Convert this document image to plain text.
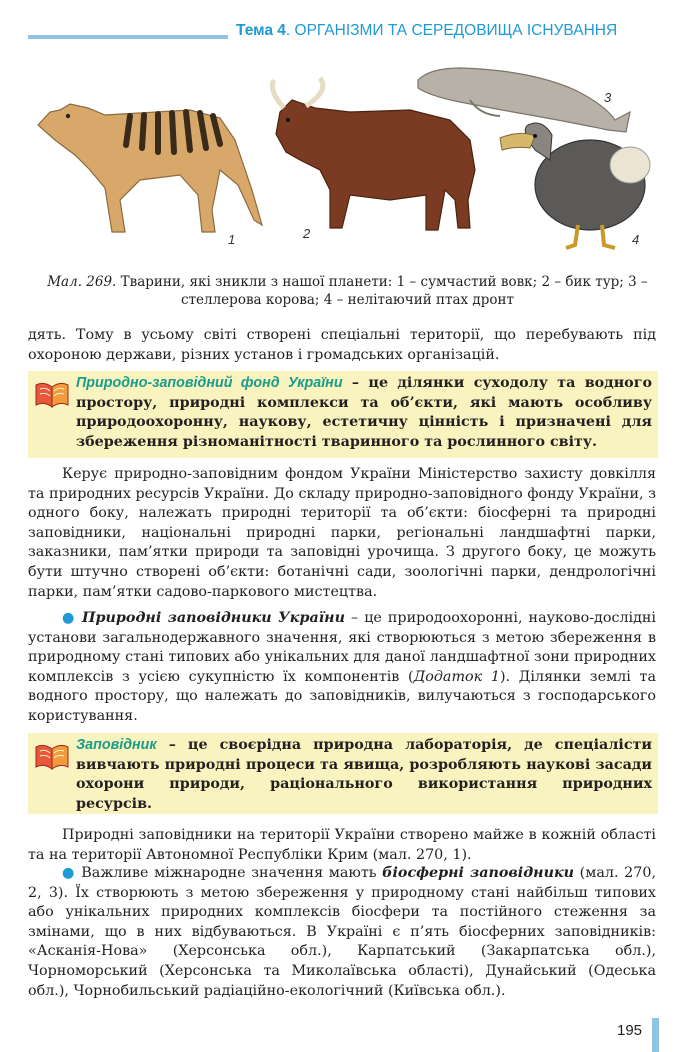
Тема 4. ОРГАНІЗМИ ТА СЕРЕДОВИЩА ІСНУВАННЯ
1	2
3
4
Мал. 269. Тварини, які зникли з нашої планети: 1 – сумчастий вовк; 2 – бик тур; 3 – стеллерова корова; 4 – нелітаючий птах дронт
дять. Тому в усьому світі створені спеціальні території, що перебувають під охороною держави, різних установ і громадських організацій.
Природно-заповідний фонд України – це ділянки суходолу та водного простору, природні комплекси та об’єкти, які мають особливу природоохоронну, наукову, естетичну цінність і призначені для збереження різноманітності тваринного та рослинного світу.
Керує природно-заповідним фондом України Міністерство захисту довкілля та природних ресурсів України. До складу природно-заповідного фонду України, з одного боку, належать природні території та об’єкти: біосферні та природні заповідники, національні природні парки, регіональні ландшафтні парки, заказники, пам’ятки природи та заповідні урочища. З другого боку, це можуть бути штучно створені об’єкти: ботанічні сади, зоологічні парки, дендрологічні парки, пам’ятки садово-паркового мистецтва.
● Природні заповідники України – це природоохоронні, науково-дослідні установи загальнодержавного значення, які створюються з метою збереження в природному стані типових або унікальних для даної ландшафтної зони природних комплексів з усією сукупністю їх компонентів (Додаток 1). Ділянки землі та водного простору, що належать до заповідників, вилучаються з господарського користування.
Заповідник – це своєрідна природна лабораторія, де спеціалісти вивчають природні процеси та явища, розробляють наукові засади охорони природи, раціонального використання природних ресурсів.
Природні заповідники на території України створено майже в кожній області та на території Автономної Республіки Крим (мал. 270, 1).
● Важливе міжнародне значення мають біосферні заповідники (мал. 270, 2, 3). Їх створюють з метою збереження у природному стані найбільш типових або унікальних природних комплексів біосфери та постійного стеження за змінами, що в них відбуваються. В Україні є п’ять біосферних заповідників: «Асканія-Нова» (Херсонська обл.), Карпатський (Закарпатська обл.), Чорноморський (Херсонська та Миколаївська області), Дунайський (Одеська обл.), Чорнобильський радіаційно-екологічний (Київська обл.).
195
